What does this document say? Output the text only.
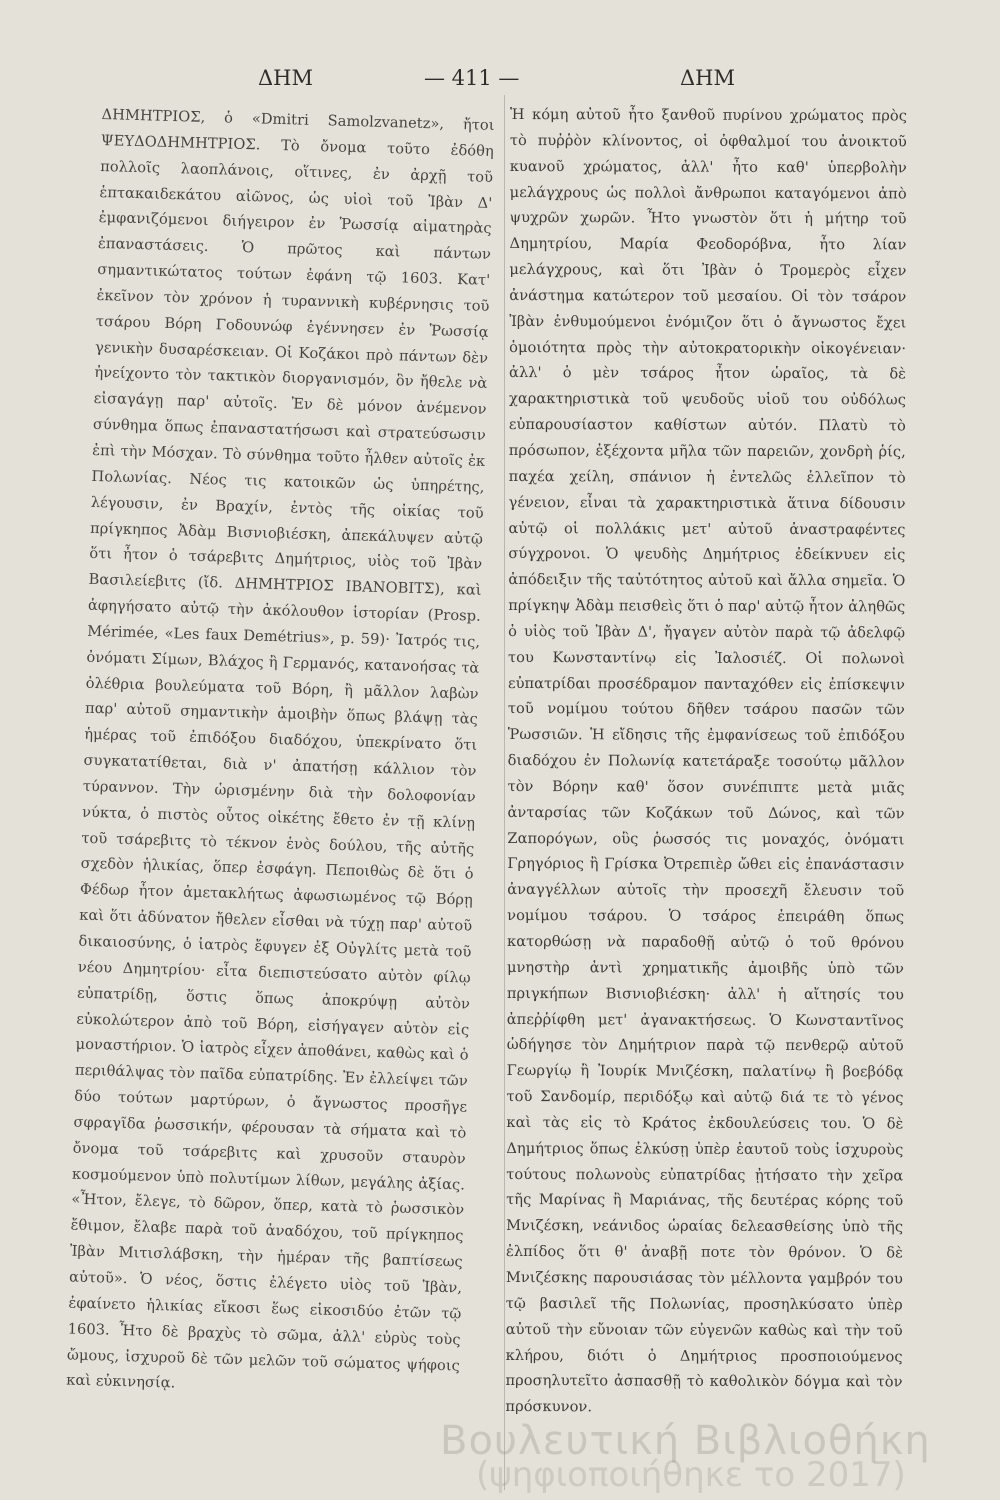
ΔΗΜ	— 411 —	ΔΗΜ
ΔΗΜΗΤΡΙΟΣ, ὁ «Dmitri Samolzvanetz», ἤτοι ΨΕΥΔΟΔΗΜΗΤΡΙΟΣ. Τὸ ὄνομα τοῦτο ἐδόθη πολλοῖς λαοπλάνοις, οἵτινες, ἐν ἀρχῇ τοῦ ἑπτακαιδεκάτου αἰῶνος, ὡς υἱοὶ τοῦ Ἰβὰν Δ' ἐμφανιζόμενοι διήγειρον ἐν Ῥωσσίᾳ αἱματηρὰς ἐπαναστάσεις. Ὁ πρῶτος καὶ πάντων σημαντικώτατος τούτων ἐφάνη τῷ 1603. Κατ' ἐκεῖνον τὸν χρόνον ἡ τυραννικὴ κυβέρνησις τοῦ τσάρου Βόρη Γοδουνώφ ἐγέννησεν ἐν Ῥωσσίᾳ γενικὴν δυσαρέσκειαν. Οἱ Κοζάκοι πρὸ πάντων δὲν ἠνείχοντο τὸν τακτικὸν διοργανισμόν, ὃν ἤθελε νὰ εἰσαγάγῃ παρ' αὐτοῖς. Ἐν δὲ μόνον ἀνέμενον σύνθημα ὅπως ἐπαναστατήσωσι καὶ στρατεύσωσιν ἐπὶ τὴν Μόσχαν. Τὸ σύνθημα τοῦτο ἦλθεν αὐτοῖς ἐκ Πολωνίας. Νέος τις κατοικῶν ὡς ὑπηρέτης, λέγουσιν, ἐν Βραχίν, ἐντὸς τῆς οἰκίας τοῦ πρίγκηπος Ἀδὰμ Βισνιοβιέσκη, ἀπεκάλυψεν αὐτῷ ὅτι ἦτον ὁ τσάρεβιτς Δημήτριος, υἱὸς τοῦ Ἰβὰν Βασιλείεβιτς (ἴδ. ΔΗΜΗΤΡΙΟΣ ΙΒΑΝΟΒΙΤΣ), καὶ ἀφηγήσατο αὐτῷ τὴν ἀκόλουθον ἱστορίαν (Prosp. Mérimée, «Les faux Demétrius», p. 59)· Ἰατρός τις, ὀνόματι Σίμων, Βλάχος ἢ Γερμανός, κατανοήσας τὰ ὀλέθρια βουλεύματα τοῦ Βόρη, ἢ μᾶλλον λαβὼν παρ' αὐτοῦ σημαντικὴν ἀμοιβὴν ὅπως βλάψῃ τὰς ἡμέρας τοῦ ἐπιδόξου διαδόχου, ὑπεκρίνατο ὅτι συγκατατίθεται, διὰ ν' ἀπατήσῃ κάλλιον τὸν τύραννον. Τὴν ὡρισμένην διὰ τὴν δολοφονίαν νύκτα, ὁ πιστὸς οὗτος οἰκέτης ἔθετο ἐν τῇ κλίνῃ τοῦ τσάρεβιτς τὸ τέκνον ἑνὸς δούλου, τῆς αὐτῆς σχεδὸν ἡλικίας, ὅπερ ἐσφάγη. Πεποιθὼς δὲ ὅτι ὁ Φέδωρ ἦτον ἀμετακλήτως ἀφωσιωμένος τῷ Βόρῃ καὶ ὅτι ἀδύνατον ἤθελεν εἶσθαι νὰ τύχῃ παρ' αὐτοῦ δικαιοσύνης, ὁ ἰατρὸς ἔφυγεν ἐξ Οὐγλίτς μετὰ τοῦ νέου Δημητρίου· εἶτα διεπιστεύσατο αὐτὸν φίλῳ εὐπατρίδῃ, ὅστις ὅπως ἀποκρύψῃ αὐτὸν εὐκολώτερον ἀπὸ τοῦ Βόρη, εἰσήγαγεν αὐτὸν εἰς μοναστήριον. Ὁ ἰατρὸς εἶχεν ἀποθάνει, καθὼς καὶ ὁ περιθάλψας τὸν παῖδα εὐπατρίδης. Ἐν ἐλλείψει τῶν δύο τούτων μαρτύρων, ὁ ἄγνωστος προσῆγε σφραγῖδα ῥωσσικήν, φέρουσαν τὰ σήματα καὶ τὸ ὄνομα τοῦ τσάρεβιτς καὶ χρυσοῦν σταυρὸν κοσμούμενον ὑπὸ πολυτίμων λίθων, μεγάλης ἀξίας. «Ἦτον, ἔλεγε, τὸ δῶρον, ὅπερ, κατὰ τὸ ῥωσσικὸν ἔθιμον, ἔλαβε παρὰ τοῦ ἀναδόχου, τοῦ πρίγκηπος Ἰβὰν Μιτισλάβσκη, τὴν ἡμέραν τῆς βαπτίσεως αὐτοῦ». Ὁ νέος, ὅστις ἐλέγετο υἱὸς τοῦ Ἰβὰν, ἐφαίνετο ἡλικίας εἴκοσι ἕως εἰκοσιδύο ἐτῶν τῷ 1603. Ἦτο δὲ βραχὺς τὸ σῶμα, ἀλλ' εὐρὺς τοὺς ὤμους, ἰσχυροῦ δὲ τῶν μελῶν τοῦ σώματος ψήφοις καὶ εὐκινησίᾳ.
Ἡ κόμη αὐτοῦ ἦτο ξανθοῦ πυρίνου χρώματος πρὸς τὸ πυῤῥὸν κλίνοντος, οἱ ὀφθαλμοί του ἀνοικτοῦ κυανοῦ χρώματος, ἀλλ' ἦτο καθ' ὑπερβολὴν μελάγχρους ὡς πολλοὶ ἄνθρωποι καταγόμενοι ἀπὸ ψυχρῶν χωρῶν. Ἦτο γνωστὸν ὅτι ἡ μήτηρ τοῦ Δημητρίου, Μαρία Φεοδορόβνα, ἦτο λίαν μελάγχρους, καὶ ὅτι Ἰβὰν ὁ Τρομερὸς εἶχεν ἀνάστημα κατώτερον τοῦ μεσαίου. Οἱ τὸν τσάρον Ἰβὰν ἐνθυμούμενοι ἐνόμιζον ὅτι ὁ ἄγνωστος ἔχει ὁμοιότητα πρὸς τὴν αὐτοκρατορικὴν οἰκογένειαν· ἀλλ' ὁ μὲν τσάρος ἦτον ὡραῖος, τὰ δὲ χαρακτηριστικὰ τοῦ ψευδοῦς υἱοῦ του οὐδόλως εὐπαρουσίαστον καθίστων αὐτόν. Πλατὺ τὸ πρόσωπον, ἐξέχοντα μῆλα τῶν παρειῶν, χονδρὴ ῥίς, παχέα χείλη, σπάνιον ἡ ἐντελῶς ἐλλεῖπον τὸ γένειον, εἶναι τὰ χαρακτηριστικὰ ἅτινα δίδουσιν αὐτῷ οἱ πολλάκις μετ' αὐτοῦ ἀναστραφέντες σύγχρονοι. Ὁ ψευδὴς Δημήτριος ἐδείκνυεν εἰς ἀπόδειξιν τῆς ταὐτότητος αὐτοῦ καὶ ἄλλα σημεῖα. Ὁ πρίγκηψ Ἀδὰμ πεισθεὶς ὅτι ὁ παρ' αὐτῷ ἦτον ἀληθῶς ὁ υἱὸς τοῦ Ἰβὰν Δ', ἤγαγεν αὐτὸν παρὰ τῷ ἀδελφῷ του Κωνσταντίνῳ εἰς Ἰαλοσιέζ. Οἱ πολωνοὶ εὐπατρίδαι προσέδραμον πανταχόθεν εἰς ἐπίσκεψιν τοῦ νομίμου τούτου δῆθεν τσάρου πασῶν τῶν Ῥωσσιῶν. Ἡ εἴδησις τῆς ἐμφανίσεως τοῦ ἐπιδόξου διαδόχου ἐν Πολωνίᾳ κατετάραξε τοσούτῳ μᾶλλον τὸν Βόρην καθ' ὅσον συνέπιπτε μετὰ μιᾶς ἀνταρσίας τῶν Κοζάκων τοῦ Δώνος, καὶ τῶν Ζαπορόγων, οὓς ῥωσσός τις μοναχός, ὀνόματι Γρηγόριος ἢ Γρίσκα Ὀτρεπιὲρ ὤθει εἰς ἐπανάστασιν ἀναγγέλλων αὐτοῖς τὴν προσεχῆ ἔλευσιν τοῦ νομίμου τσάρου. Ὁ τσάρος ἐπειράθη ὅπως κατορθώσῃ νὰ παραδοθῇ αὐτῷ ὁ τοῦ θρόνου μνηστὴρ ἀντὶ χρηματικῆς ἀμοιβῆς ὑπὸ τῶν πριγκήπων Βισνιοβιέσκη· ἀλλ' ἡ αἴτησίς του ἀπεῤῥίφθη μετ' ἀγανακτήσεως. Ὁ Κωνσταντῖνος ὡδήγησε τὸν Δημήτριον παρὰ τῷ πενθερῷ αὐτοῦ Γεωργίῳ ἢ Ἰουρίκ Μνιζέσκη, παλατίνῳ ἢ βοεβόδᾳ τοῦ Σανδομίρ, περιδόξῳ καὶ αὐτῷ διά τε τὸ γένος καὶ τὰς εἰς τὸ Κράτος ἐκδουλεύσεις του. Ὁ δὲ Δημήτριος ὅπως ἑλκύσῃ ὑπὲρ ἑαυτοῦ τοὺς ἰσχυροὺς τούτους πολωνοὺς εὐπατρίδας ᾐτήσατο τὴν χεῖρα τῆς Μαρίνας ἢ Μαριάνας, τῆς δευτέρας κόρης τοῦ Μνιζέσκη, νεάνιδος ὡραίας δελεασθείσης ὑπὸ τῆς ἐλπίδος ὅτι θ' ἀναβῇ ποτε τὸν θρόνον. Ὁ δὲ Μνιζέσκης παρουσιάσας τὸν μέλλοντα γαμβρόν του τῷ βασιλεῖ τῆς Πολωνίας, προσηλκύσατο ὑπὲρ αὐτοῦ τὴν εὔνοιαν τῶν εὐγενῶν καθὼς καὶ τὴν τοῦ κλήρου, διότι ὁ Δημήτριος προσποιούμενος προσηλυτεῖτο ἀσπασθῇ τὸ καθολικὸν δόγμα καὶ τὸν πρόσκυνον.
Βουλευτική Βιβλιοθήκη
(ψηφιοποιήθηκε το 2017)
